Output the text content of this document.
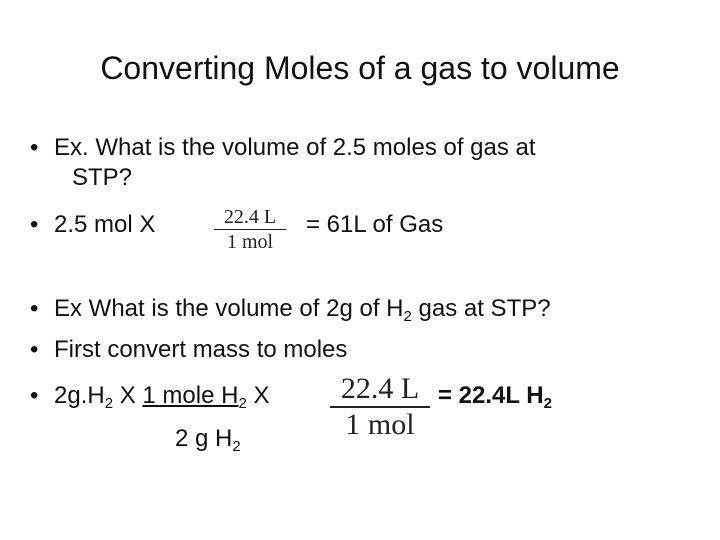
Converting Moles of a gas to volume
• Ex. What is the volume of 2.5 moles of gas at
STP?
• 2.5 mol X	22.4 L
1 mol
= 61L of Gas
• Ex What is the volume of 2g of $H_2$ gas at STP?
• First convert mass to moles
• $2g.H_2$ X 1 mole $H_2$ X	22.4 L
1 mol
= 22.4L $H_2$
2 g $H_2$
